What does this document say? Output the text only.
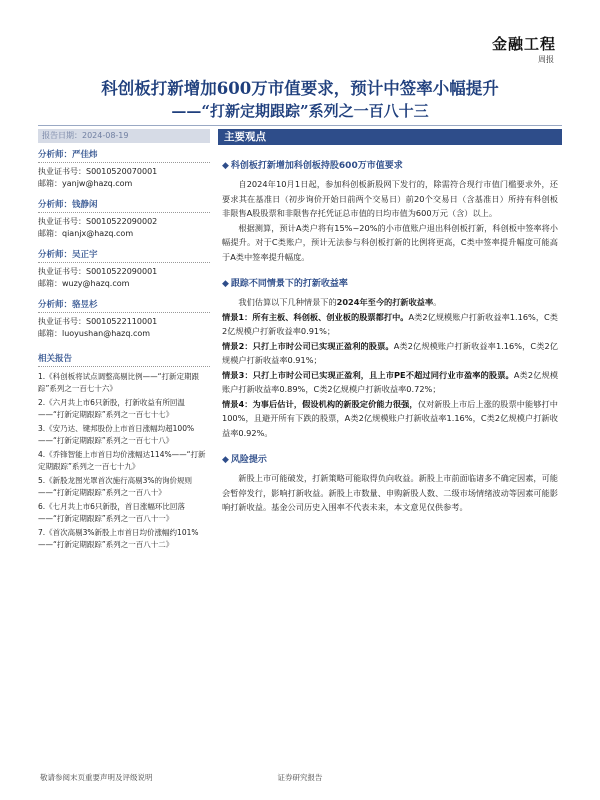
金融工程
周报
科创板打新增加600万市值要求，预计中签率小幅提升
——“打新定期跟踪”系列之一百八十三
报告日期：2024-08-19	主要观点
分析师：严佳炜
执业证书号：S0010520070001
邮箱：yanjw@hazq.com
分析师：钱静闲
执业证书号：S0010522090002
邮箱：qianjx@hazq.com
分析师：吴正宇
执业证书号：S0010522090001
邮箱：wuzy@hazq.com
分析师：骆昱杉
执业证书号：S0010522110001
邮箱：luoyushan@hazq.com
相关报告
1.《科创板将试点调整高剔比例——“打新定期跟踪”系列之一百七十六》
2.《六月共上市6只新股，打新收益有所回温——“打新定期跟踪”系列之一百七十七》
3.《安乃达、键邦股份上市首日涨幅均超100%——“打新定期跟踪”系列之一百七十八》
4.《乔锋智能上市首日均价涨幅达114%——“打新定期跟踪”系列之一百七十九》
5.《新股龙图光罩首次施行高剔3%的询价规则——“打新定期跟踪”系列之一百八十》
6.《七月共上市6只新股，首日涨幅环比回落——“打新定期跟踪”系列之一百八十一》
7.《首次高剔3%新股上市首日均价涨幅约101%——“打新定期跟踪”系列之一百八十二》
◆ 科创板打新增加科创板持股600万市值要求

自2024年10月1日起，参加科创板新股网下发行的，除需符合现行市值门槛要求外，还要求其在基准日（初步询价开始日前两个交易日）前20个交易日（含基准日）所持有科创板非限售A股股票和非限售存托凭证总市值的日均市值为600万元（含）以上。

根据测算，预计A类户将有15%~20%的小市值账户退出科创板打新，科创板中签率将小幅提升。对于C类账户，预计无法参与科创板打新的比例将更高，C类中签率提升幅度可能高于A类中签率提升幅度。

◆ 跟踪不同情景下的打新收益率

我们估算以下几种情景下的2024年至今的打新收益率。

情景1：所有主板、科创板、创业板的股票都打中。A类2亿规模账户打新收益率1.16%，C类2亿规模户打新收益率0.91%；

情景2：只打上市时公司已实现正盈利的股票。A类2亿规模账户打新收益率1.16%，C类2亿规模户打新收益率0.91%；

情景3：只打上市时公司已实现正盈利，且上市PE不超过同行业市盈率的股票。A类2亿规模账户打新收益率0.89%，C类2亿规模户打新收益率0.72%；

情景4：为事后估计，假设机构的新股定价能力很强，仅对新股上市后上涨的股票中能够打中100%，且避开所有下跌的股票，A类2亿规模账户打新收益率1.16%，C类2亿规模户打新收益率0.92%。

◆ 风险提示

新股上市可能破发，打新策略可能取得负向收益。新股上市前面临诸多不确定因素，可能会暂停发行，影响打新收益。新股上市数量、申购新股人数、二级市场情绪波动等因素可能影响打新收益。基金公司历史入围率不代表未来，本文意见仅供参考。

敬请参阅末页重要声明及评级说明	证券研究报告
